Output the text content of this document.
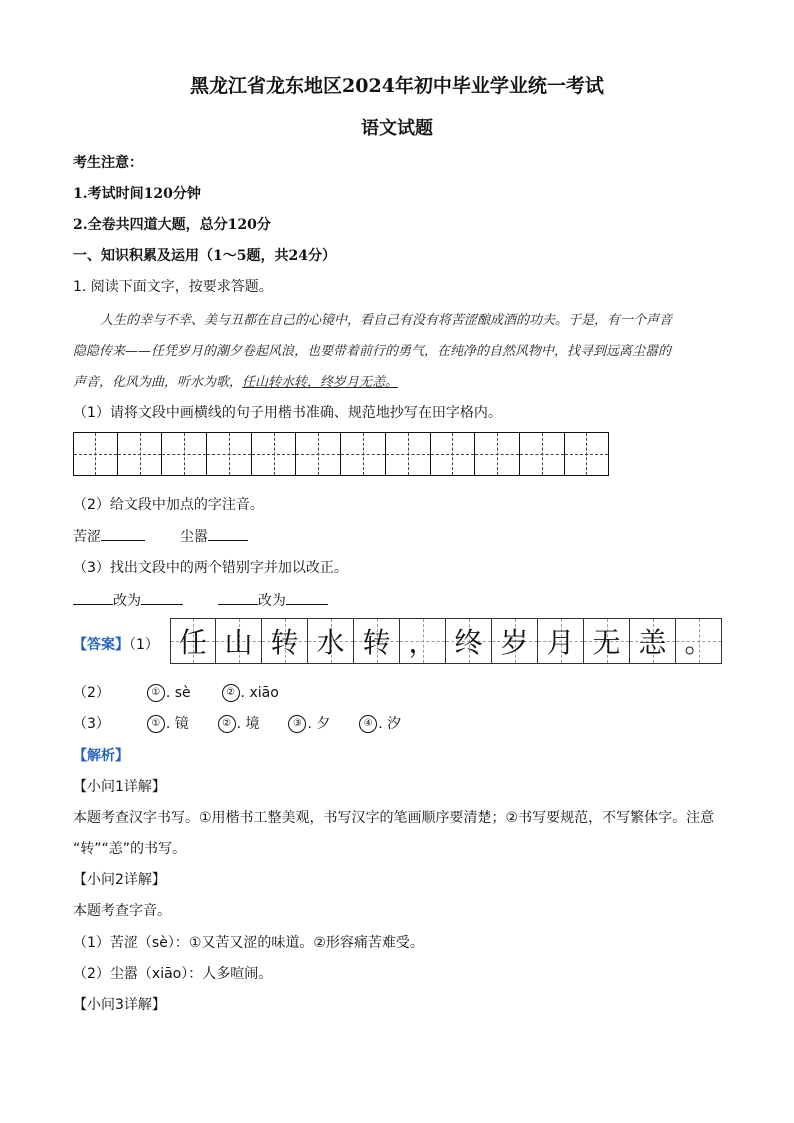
黑龙江省龙东地区2024年初中毕业学业统一考试
语文试题
考生注意：
1.考试时间120分钟
2.全卷共四道大题，总分120分
一、知识积累及运用（1～5题，共24分）
1. 阅读下面文字，按要求答题。
人生的幸与不幸、美与丑都在自己的心镜中，看自己有没有将苦涩酿成酒的功夫。于是，有一个声音
隐隐传来——任凭岁月的潮夕卷起风浪，也要带着前行的勇气，在纯净的自然风物中，找寻到远离尘嚣的
声音，化风为曲，听水为歌，任山转水转，终岁月无恙。
（1）请将文段中画横线的句子用楷书准确、规范地抄写在田字格内。
（2）给文段中加点的字注音。
苦涩	尘嚣
（3）找出文段中的两个错别字并加以改正。
改为	改为
【答案】（1） 任 山 转 水 转 ， 终 岁 月 无 恙 。
（2）	① . sè	② . xiāo
（3）	① . 镜	② . 境	③ . 夕	④ . 汐
【解析】
【小问1详解】
本题考查汉字书写。①用楷书工整美观，书写汉字的笔画顺序要清楚；②书写要规范，不写繁体字。注意
“转”“恙”的书写。
【小问2详解】
本题考查字音。
（1）苦涩（sè）：①又苦又涩的味道。②形容痛苦难受。
（2）尘嚣（xiāo）：人多喧闹。
【小问3详解】
